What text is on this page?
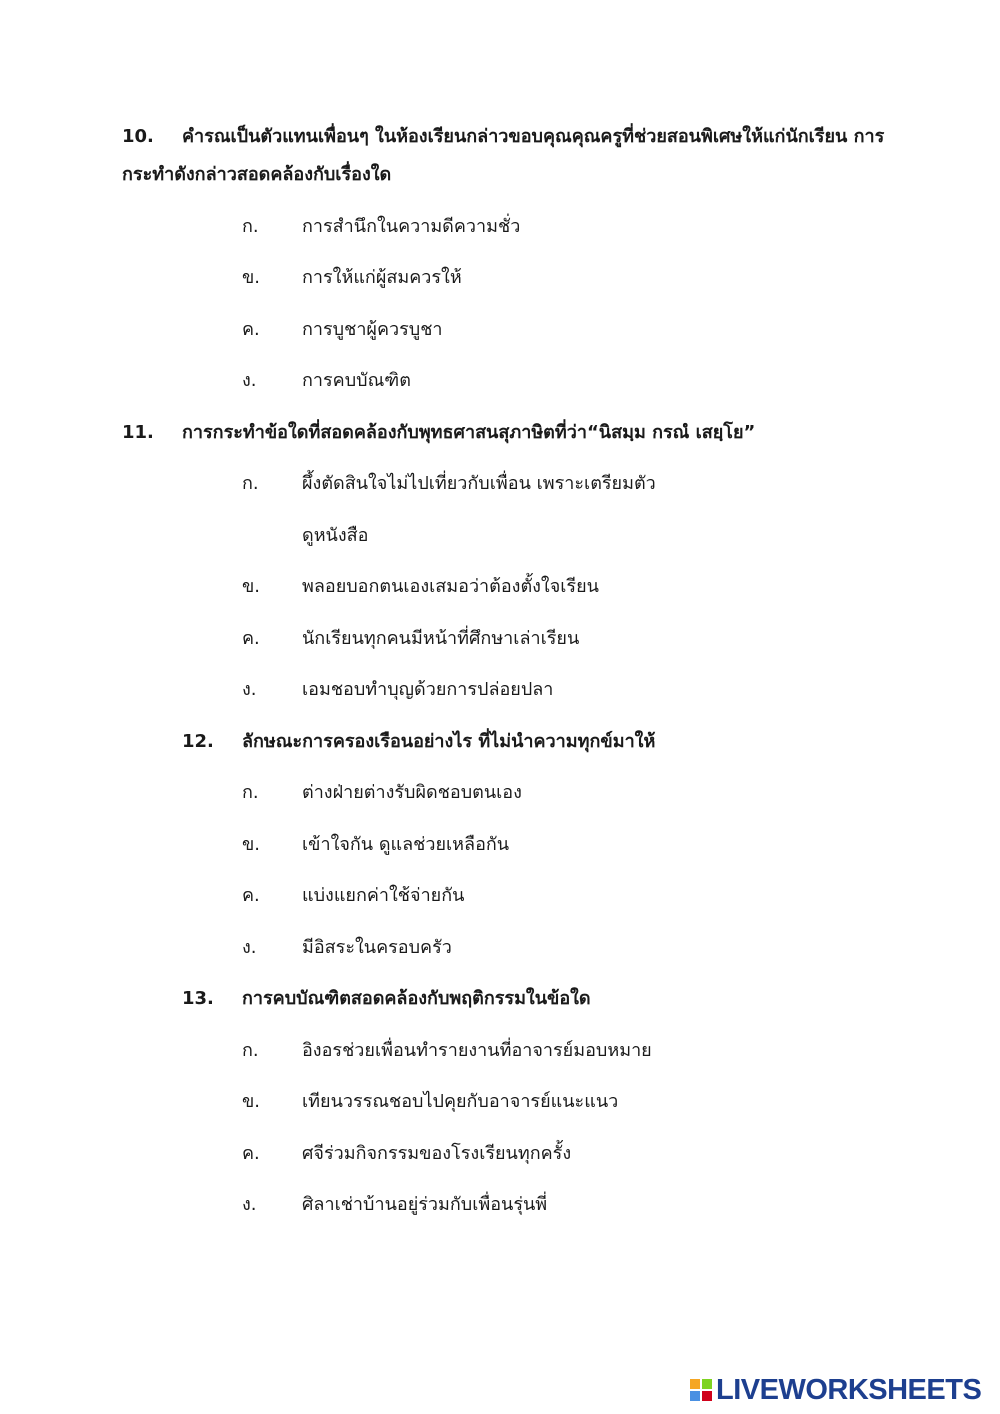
10. คำรณเป็นตัวแทนเพื่อนๆ ในห้องเรียนกล่าวขอบคุณคุณครูที่ช่วยสอนพิเศษให้แก่นักเรียน การ
กระทำดังกล่าวสอดคล้องกับเรื่องใด
ก. การสำนึกในความดีความชั่ว
ข. การให้แก่ผู้สมควรให้
ค. การบูชาผู้ควรบูชา
ง.	การคบบัณฑิต
11. การกระทำข้อใดที่สอดคล้องกับพุทธศาสนสุภาษิตที่ว่า“นิสมฺม กรณํ เสยฺโย”
ก. ผึ้งตัดสินใจไม่ไปเที่ยวกับเพื่อน เพราะเตรียมตัว
ดูหนังสือ
ข. พลอยบอกตนเองเสมอว่าต้องตั้งใจเรียน
ค. นักเรียนทุกคนมีหน้าที่ศึกษาเล่าเรียน
ง.	เอมชอบทำบุญด้วยการปล่อยปลา
12. ลักษณะการครองเรือนอย่างไร ที่ไม่นำความทุกข์มาให้
ก. ต่างฝ่ายต่างรับผิดชอบตนเอง
ข. เข้าใจกัน ดูแลช่วยเหลือกัน
ค. แบ่งแยกค่าใช้จ่ายกัน
ง.	มีอิสระในครอบครัว
13. การคบบัณฑิตสอดคล้องกับพฤติกรรมในข้อใด
ก. อิงอรช่วยเพื่อนทำรายงานที่อาจารย์มอบหมาย
ข. เทียนวรรณชอบไปคุยกับอาจารย์แนะแนว
ค. ศจีร่วมกิจกรรมของโรงเรียนทุกครั้ง
ง.	ศิลาเช่าบ้านอยู่ร่วมกับเพื่อนรุ่นพี่
LIVEWORKSHEETS
